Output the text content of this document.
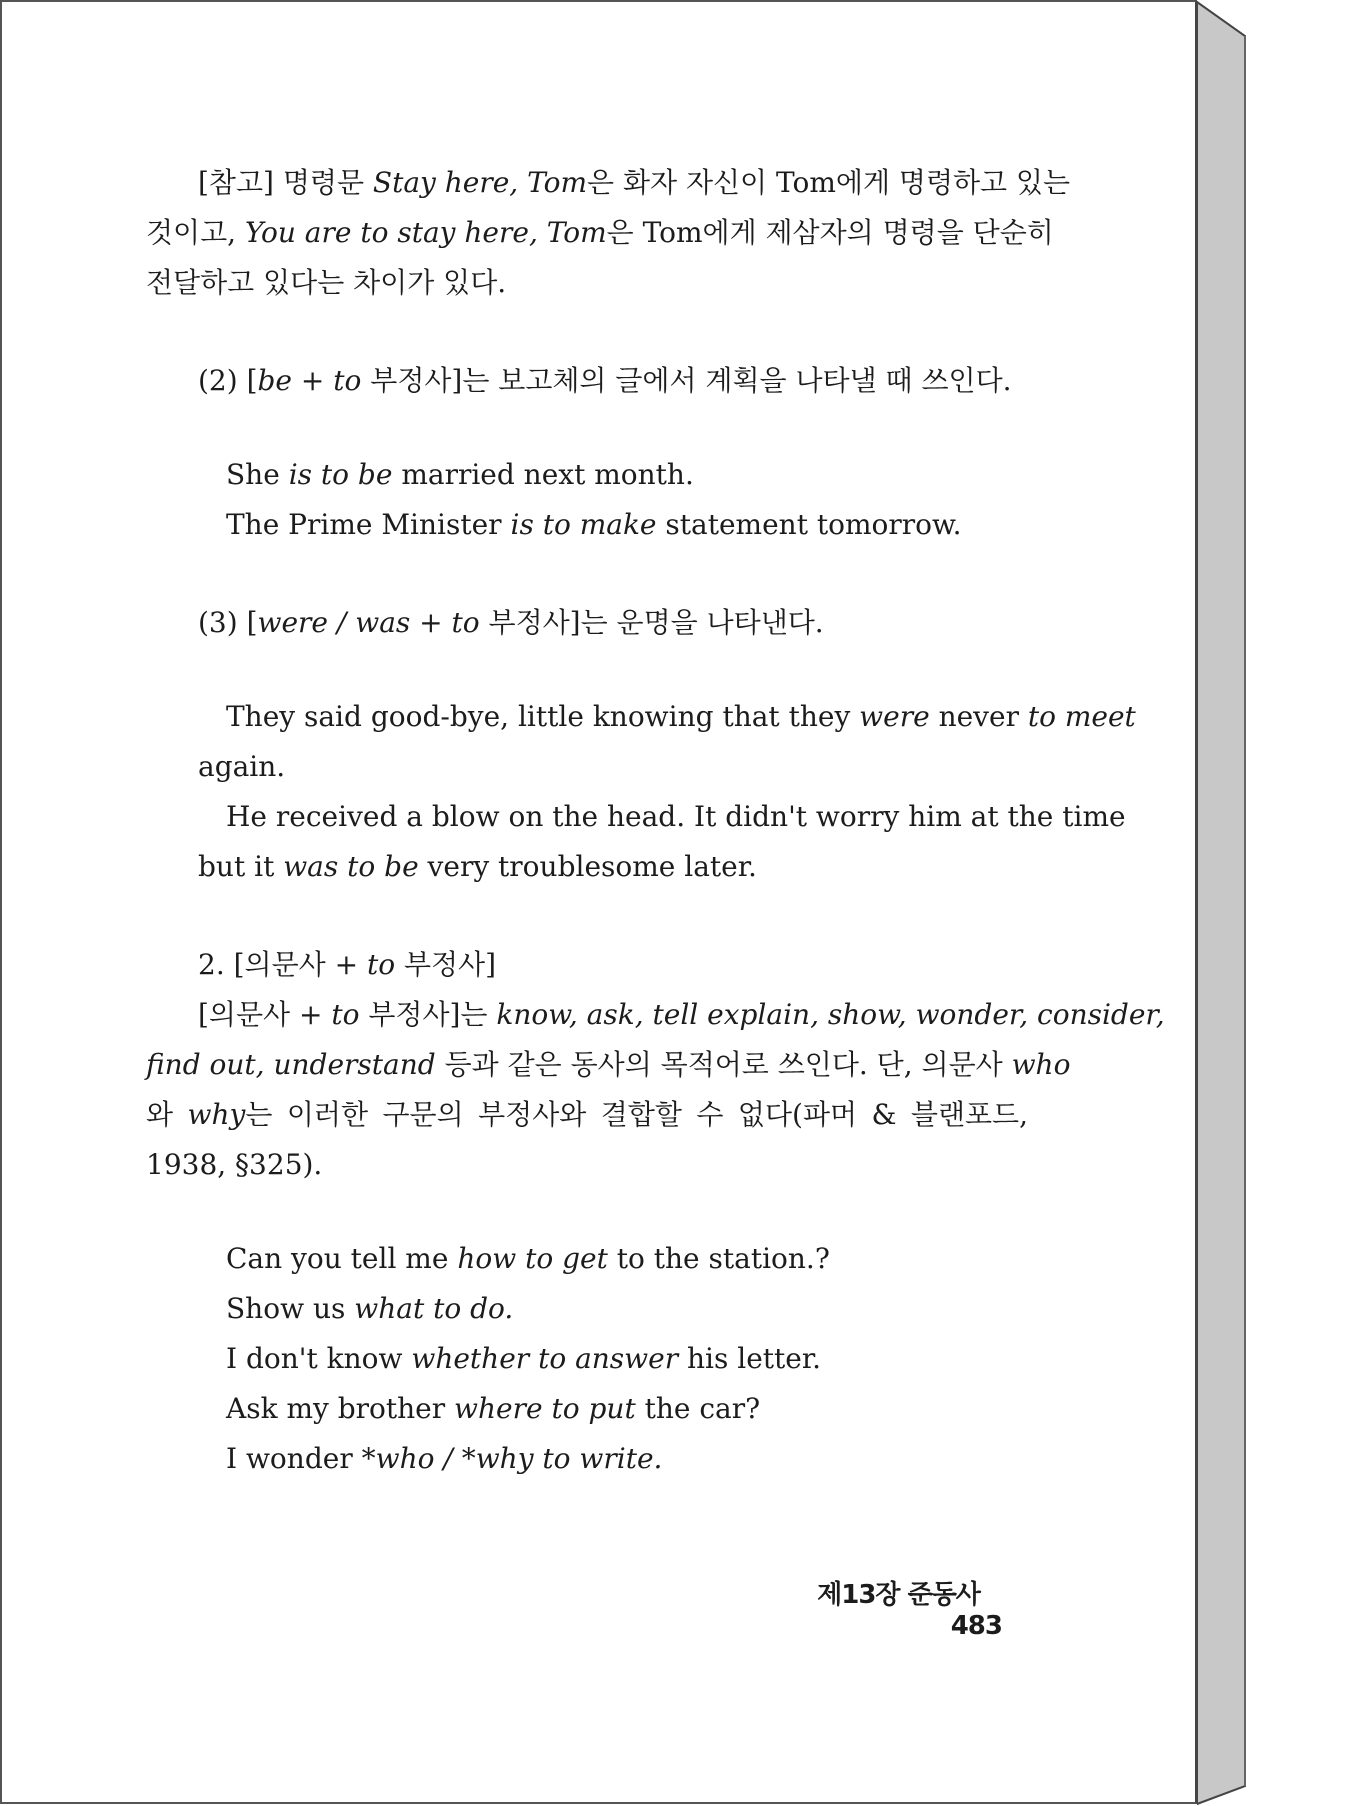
[참고] 명령문 Stay here, Tom은 화자 자신이 Tom에게 명령하고 있는

것이고, You are to stay here, Tom은 Tom에게 제삼자의 명령을 단순히

전달하고 있다는 차이가 있다.

(2) [be + to 부정사]는 보고체의 글에서 계획을 나타낼 때 쓰인다.

She is to be married next month.

The Prime Minister is to make statement tomorrow.

(3) [were / was + to 부정사]는 운명을 나타낸다.

They said good-bye, little knowing that they were never to meet

again.

He received a blow on the head. It didn't worry him at the time

but it was to be very troublesome later.

2. [의문사 + to 부정사]

[의문사 + to 부정사]는 know, ask, tell explain, show, wonder, consider,

find out, understand 등과 같은 동사의 목적어로 쓰인다. 단, 의문사 who

와 why는 이러한 구문의 부정사와 결합할 수 없다(파머 & 블랜포드,

1938, §325).

Can you tell me how to get to the station.?

Show us what to do.

I don't know whether to answer his letter.

Ask my brother where to put the car?

I wonder *who / *why to write.

제13장 준동사  483
